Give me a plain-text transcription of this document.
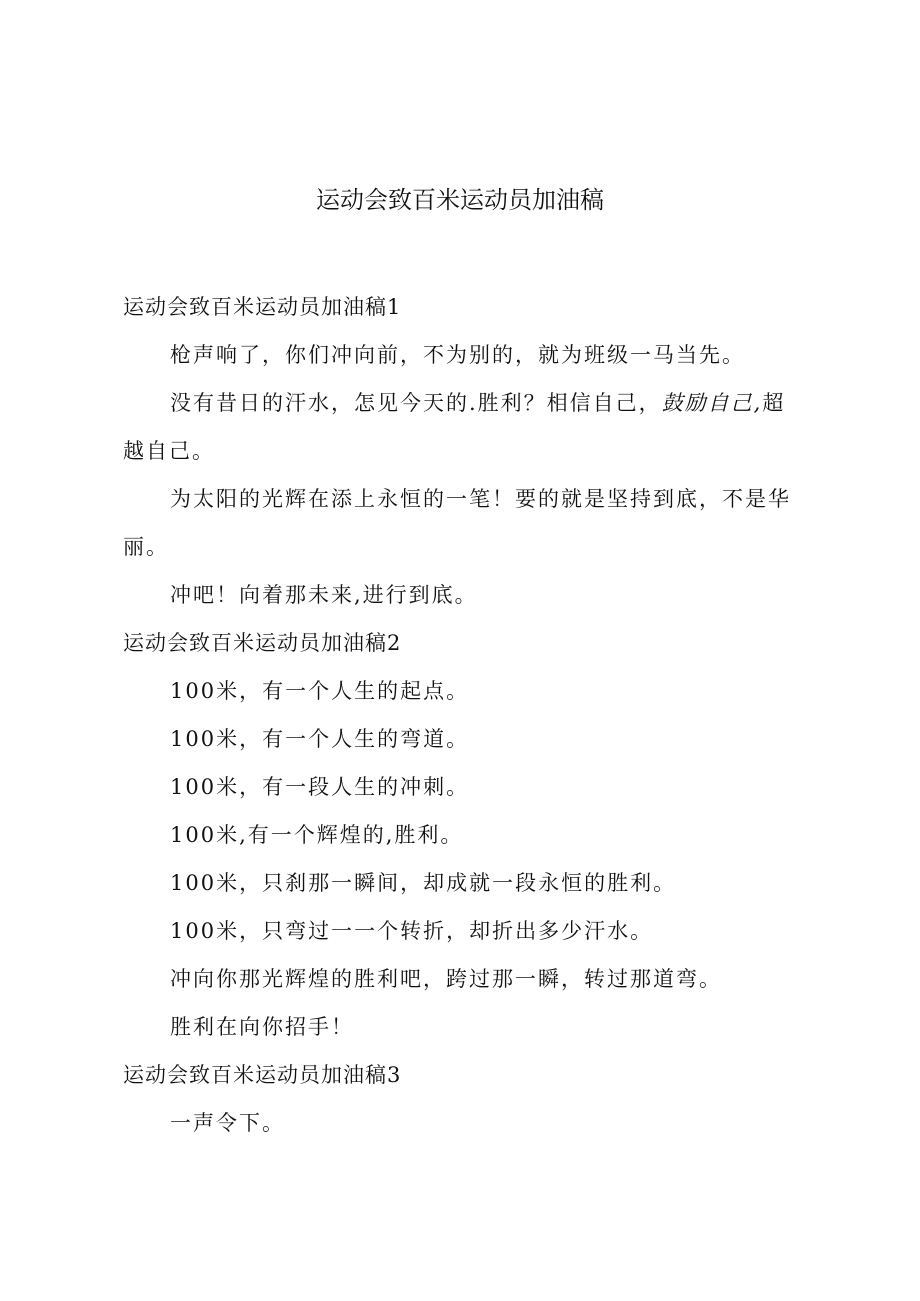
运动会致百米运动员加油稿

运动会致百米运动员加油稿1

枪声响了，你们冲向前，不为别的，就为班级一马当先。

没有昔日的汗水，怎见今天的.胜利？相信自己，鼓励自己,超越自己。

为太阳的光辉在添上永恒的一笔！要的就是坚持到底，不是华丽。

冲吧！向着那未来,进行到底。

运动会致百米运动员加油稿2

100米，有一个人生的起点。

100米，有一个人生的弯道。

100米，有一段人生的冲刺。

100米,有一个辉煌的,胜利。

100米，只刹那一瞬间，却成就一段永恒的胜利。

100米，只弯过一一个转折，却折出多少汗水。

冲向你那光辉煌的胜利吧，跨过那一瞬，转过那道弯。

胜利在向你招手！

运动会致百米运动员加油稿3

一声令下。
